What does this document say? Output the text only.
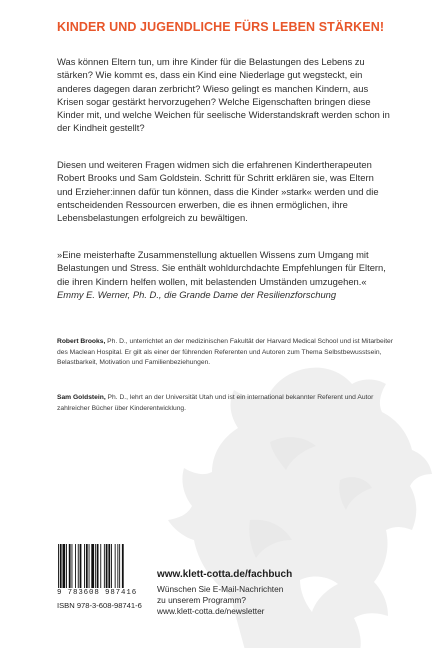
KINDER UND JUGENDLICHE FÜRS LEBEN STÄRKEN!

Was können Eltern tun, um ihre Kinder für die Belastungen des Lebens zu stärken? Wie kommt es, dass ein Kind eine Niederlage gut wegsteckt, ein anderes dagegen daran zerbricht? Wieso gelingt es manchen Kindern, aus Krisen sogar gestärkt hervorzugehen? Welche Eigenschaften bringen diese Kinder mit, und welche Weichen für seelische Widerstandskraft werden schon in der Kindheit gestellt?

Diesen und weiteren Fragen widmen sich die erfahrenen Kindertherapeuten Robert Brooks und Sam Goldstein. Schritt für Schritt erklären sie, was Eltern und Erzieher:innen dafür tun können, dass die Kinder »stark« werden und die entscheidenden Ressourcen erwerben, die es ihnen ermöglichen, ihre Lebensbelastungen erfolgreich zu bewältigen.

»Eine meisterhafte Zusammenstellung aktuellen Wissens zum Umgang mit Belastungen und Stress. Sie enthält wohldurchdachte Empfehlungen für Eltern, die ihren Kindern helfen wollen, mit belastenden Umständen umzugehen.«
Emmy E. Werner, Ph. D., die Grande Dame der Resilienzforschung

Robert Brooks, Ph. D., unterrichtet an der medizinischen Fakultät der Harvard Medical School und ist Mitarbeiter des Maclean Hospital. Er gilt als einer der führenden Referenten und Autoren zum Thema Selbstbewusstsein, Belastbarkeit, Motivation und Familienbeziehungen.

Sam Goldstein, Ph. D., lehrt an der Universität Utah und ist ein international bekannter Referent und Autor zahlreicher Bücher über Kinderentwicklung.

9 783608 987416
ISBN 978-3-608-98741-6
www.klett-cotta.de/fachbuch
Wünschen Sie E-Mail-Nachrichten
zu unserem Programm?
www.klett-cotta.de/newsletter
